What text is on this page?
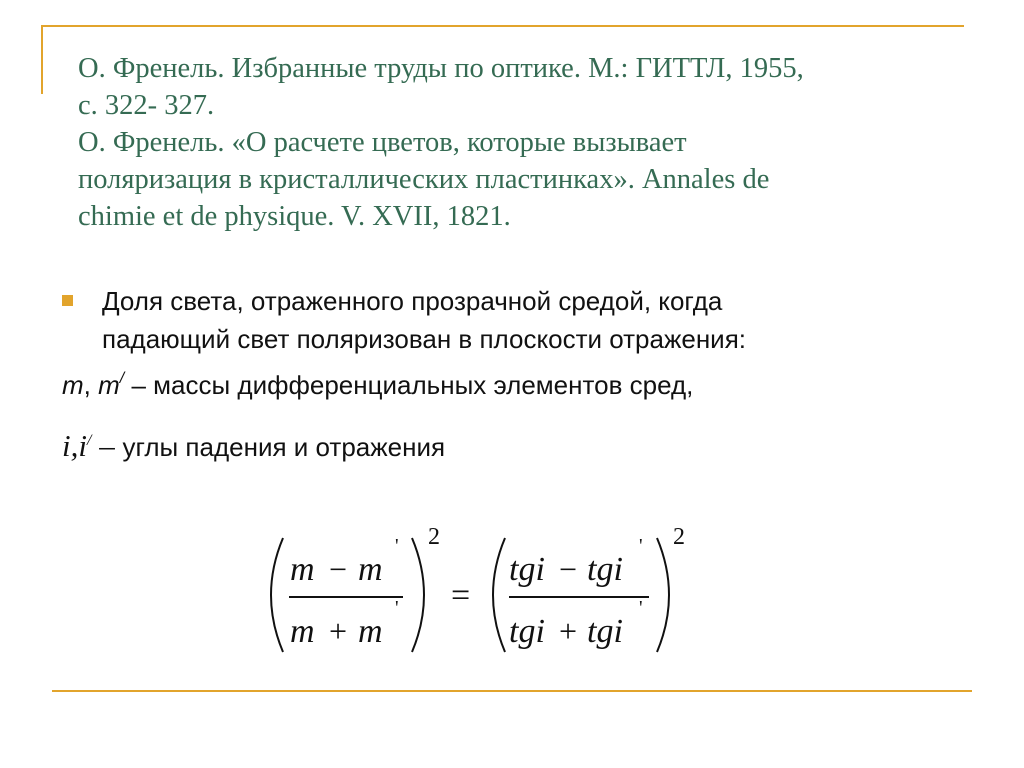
О. Френель. Избранные труды по оптике. М.: ГИТТЛ, 1955,
с. 322- 327.
О. Френель. «О расчете цветов, которые вызывает
поляризация в кристаллических пластинках». Annales de
chimie et de physique. V. XVII, 1821.
Доля света, отраженного прозрачной средой, когда
падающий свет поляризован в плоскости отражения:
m, m/ – массы дифференциальных элементов сред,
i,i/ – углы падения и отражения
m − m
'
m + m
'
2
=
tgi − tgi
'
tgi + tgi
'
2
